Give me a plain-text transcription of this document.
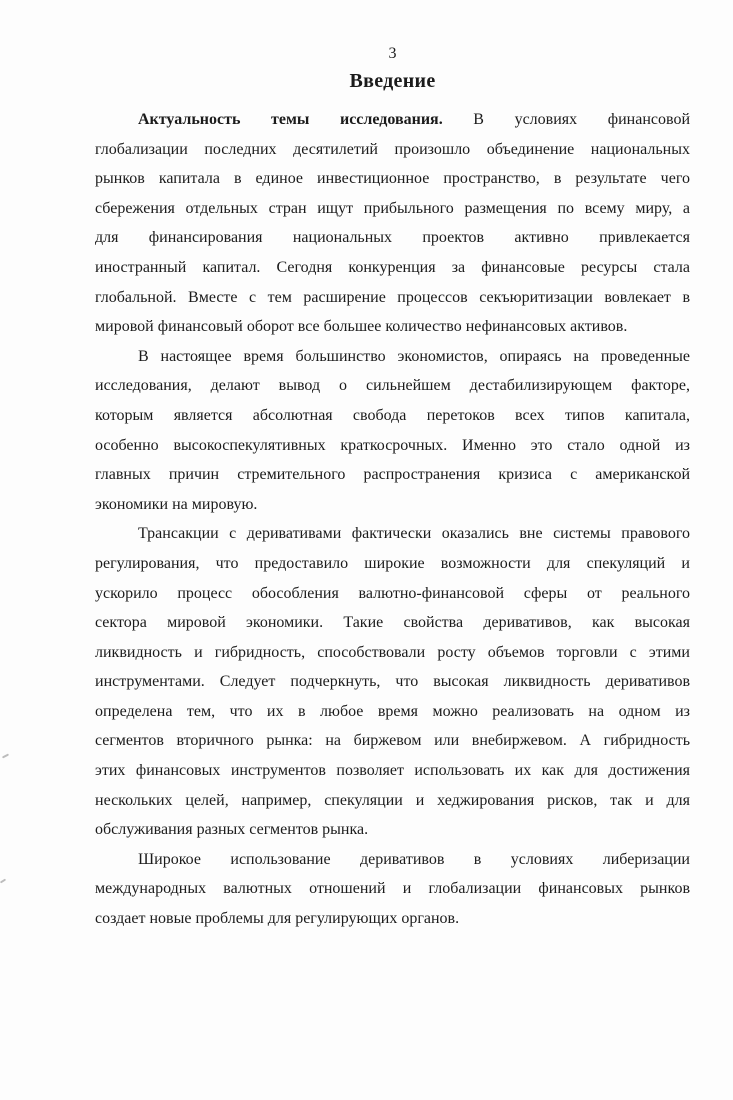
3
Введение
Актуальность темы исследования. В условиях финансовой
глобализации последних десятилетий произошло объединение национальных
рынков капитала в единое инвестиционное пространство, в результате чего
сбережения отдельных стран ищут прибыльного размещения по всему миру, а
для финансирования национальных проектов активно привлекается
иностранный капитал. Сегодня конкуренция за финансовые ресурсы стала
глобальной. Вместе с тем расширение процессов секъюритизации вовлекает в
мировой финансовый оборот все большее количество нефинансовых активов.
В настоящее время большинство экономистов, опираясь на проведенные
исследования, делают вывод о сильнейшем дестабилизирующем факторе,
которым является абсолютная свобода перетоков всех типов капитала,
особенно высокоспекулятивных краткосрочных. Именно это стало одной из
главных причин стремительного распространения кризиса с американской
экономики на мировую.
Трансакции с деривативами фактически оказались вне системы правового
регулирования, что предоставило широкие возможности для спекуляций и
ускорило процесс обособления валютно-финансовой сферы от реального
сектора мировой экономики. Такие свойства деривативов, как высокая
ликвидность и гибридность, способствовали росту объемов торговли с этими
инструментами. Следует подчеркнуть, что высокая ликвидность деривативов
определена тем, что их в любое время можно реализовать на одном из
сегментов вторичного рынка: на биржевом или внебиржевом. А гибридность
этих финансовых инструментов позволяет использовать их как для достижения
нескольких целей, например, спекуляции и хеджирования рисков, так и для
обслуживания разных сегментов рынка.
Широкое использование деривативов в условиях либеризации
международных валютных отношений и глобализации финансовых рынков
создает новые проблемы для регулирующих органов.
